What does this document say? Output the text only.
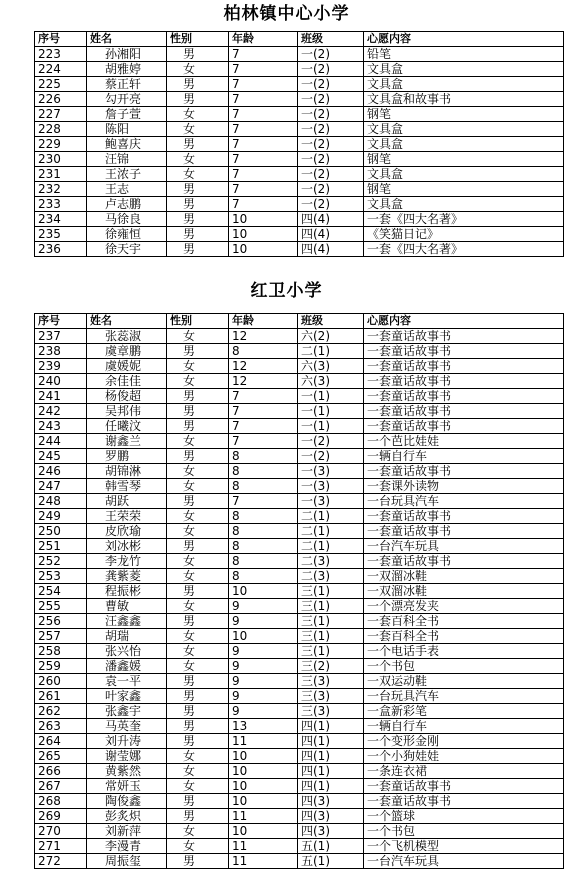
柏林镇中心小学
序号	姓名	性别	年龄	班级	心愿内容
223	孙湘阳	男	7	一(2)	铅笔
224	胡雅婷	女	7	一(2)	文具盒
225	蔡正轩	男	7	一(2)	文具盒
226	勾开亮	男	7	一(2)	文具盒和故事书
227	詹子萱	女	7	一(2)	钢笔
228	陈阳	女	7	一(2)	文具盒
229	鲍喜庆	男	7	一(2)	文具盒
230	汪锦	女	7	一(2)	钢笔
231	王浓子	女	7	一(2)	文具盒
232	王志	男	7	一(2)	钢笔
233	卢志鹏	男	7	一(2)	文具盒
234	马徐良	男	10	四(4)	一套《四大名著》
235	徐雍恒	男	10	四(4)	《笑猫日记》
236	徐天宇	男	10	四(4)	一套《四大名著》
红卫小学
序号	姓名	性别	年龄	班级	心愿内容
237	张蕊淑	女	12	六(2)	一套童话故事书
238	虞章鹏	男	8	二(1)	一套童话故事书
239	虞媛妮	女	12	六(3)	一套童话故事书
240	余佳佳	女	12	六(3)	一套童话故事书
241	杨俊超	男	7	一(1)	一套童话故事书
242	吴邦伟	男	7	一(1)	一套童话故事书
243	任曦汶	男	7	一(1)	一套童话故事书
244	谢鑫兰	女	7	一(2)	一个芭比娃娃
245	罗鹏	男	8	一(2)	一辆自行车
246	胡锦淋	女	8	一(3)	一套童话故事书
247	韩雪琴	女	8	一(3)	一套课外读物
248	胡跃	男	7	一(3)	一台玩具汽车
249	王荣荣	女	8	二(1)	一套童话故事书
250	皮欣瑜	女	8	二(1)	一套童话故事书
251	刘冰彬	男	8	二(1)	一台汽车玩具
252	李龙竹	女	8	二(3)	一套童话故事书
253	龚紫菱	女	8	二(3)	一双溜冰鞋
254	程振彬	男	10	三(1)	一双溜冰鞋
255	曹敏	女	9	三(1)	一个漂亮发夹
256	汪鑫鑫	男	9	三(1)	一套百科全书
257	胡瑞	女	10	三(1)	一套百科全书
258	张兴怡	女	9	三(1)	一个电话手表
259	潘鑫媛	女	9	三(2)	一个书包
260	袁一平	男	9	三(3)	一双运动鞋
261	叶家鑫	男	9	三(3)	一台玩具汽车
262	张鑫宇	男	9	三(3)	一盒新彩笔
263	马英奎	男	13	四(1)	一辆自行车
264	刘升涛	男	11	四(1)	一个变形金刚
265	谢莹娜	女	10	四(1)	一个小狗娃娃
266	黄紫然	女	10	四(1)	一条连衣裙
267	常妍玉	女	10	四(1)	一套童话故事书
268	陶俊鑫	男	10	四(3)	一套童话故事书
269	彭炙炽	男	11	四(3)	一个篮球
270	刘新萍	女	10	四(3)	一个书包
271	李漫青	女	11	五(1)	一个飞机模型
272	周振玺	男	11	五(1)	一台汽车玩具
